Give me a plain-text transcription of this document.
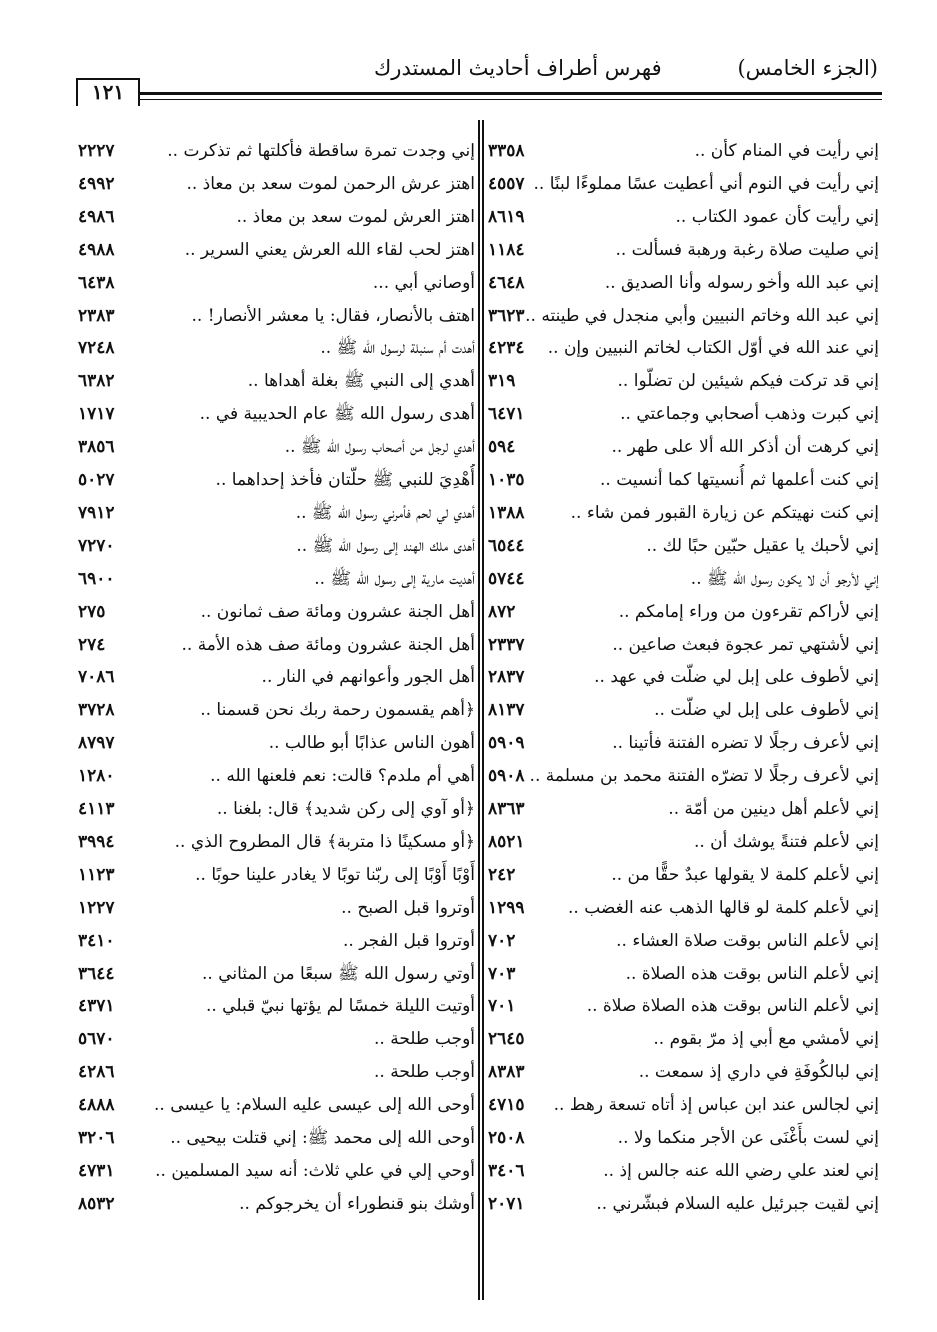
(الجزء الخامس)
فهرس أطراف أحاديث المستدرك
١٢١
إني رأيت في المنام كأن ..
٣٣٥٨
إني وجدت تمرة ساقطة فأكلتها ثم تذكرت ..
٢٢٢٧
إني رأيت في النوم أني أعطيت عسًا مملوءًا لبنًا ..
٤٥٥٧
اهتز عرش الرحمن لموت سعد بن معاذ ..
٤٩٩٢
إني رأيت كأن عمود الكتاب ..
٨٦١٩
اهتز العرش لموت سعد بن معاذ ..
٤٩٨٦
إني صليت صلاة رغبة ورهبة فسألت ..
١١٨٤
اهتز لحب لقاء الله العرش يعني السرير ..
٤٩٨٨
إني عبد الله وأخو رسوله وأنا الصديق ..
٤٦٤٨
أوصاني أبي ...
٦٤٣٨
إني عبد الله وخاتم النبيين وأبي منجدل في طينته ..
٣٦٢٣
اهتف بالأنصار، فقال: يا معشر الأنصار! ..
٢٣٨٣
إني عند الله في أوّل الكتاب لخاتم النبيين وإن ..
٤٢٣٤
أهدت أم سنبلة لرسول الله ﷺ ..
٧٢٤٨
إني قد تركت فيكم شيئين لن تضلّوا ..
٣١٩
أهدي إلى النبي ﷺ بغلة أهداها ..
٦٣٨٢
إني كبرت وذهب أصحابي وجماعتي ..
٦٤٧١
أهدى رسول الله ﷺ عام الحديبية في ..
١٧١٧
إني كرهت أن أذكر الله ألا على طهر ..
٥٩٤
أهدي لرجل من أصحاب رسول الله ﷺ ..
٣٨٥٦
إني كنت أعلمها ثم أُنسيتها كما أنسيت ..
١٠٣٥
أُهْدِيَ للنبي ﷺ حلّتان فأخذ إحداهما ..
٥٠٢٧
إني كنت نهيتكم عن زيارة القبور فمن شاء ..
١٣٨٨
أهدي لي لحم فأمرني رسول الله ﷺ ..
٧٩١٢
إني لأحبك يا عقيل حبّين حبًا لك ..
٦٥٤٤
أهدى ملك الهند إلى رسول الله ﷺ ..
٧٢٧٠
إني لأرجو أن لا يكون رسول الله ﷺ ..
٥٧٤٤
أهديت مارية إلى رسول الله ﷺ ..
٦٩٠٠
إني لأراكم تقرءون من وراء إمامكم ..
٨٧٢
أهل الجنة عشرون ومائة صف ثمانون ..
٢٧٥
إني لأشتهي تمر عجوة فبعث صاعين ..
٢٣٣٧
أهل الجنة عشرون ومائة صف هذه الأمة ..
٢٧٤
إني لأطوف على إبل لي ضلّت في عهد ..
٢٨٣٧
أهل الجور وأعوانهم في النار ..
٧٠٨٦
إني لأطوف على إبل لي ضلّت ..
٨١٣٧
﴿أهم يقسمون رحمة ربك نحن قسمنا ..
٣٧٢٨
إني لأعرف رجلًا لا تضره الفتنة فأتينا ..
٥٩٠٩
أهون الناس عذابًا أبو طالب ..
٨٧٩٧
إني لأعرف رجلًا لا تضرّه الفتنة محمد بن مسلمة ..
٥٩٠٨
أهي أم ملدم؟ قالت: نعم فلعنها الله ..
١٢٨٠
إني لأعلم أهل دينين من أمّة ..
٨٣٦٣
﴿أو آوي إلى ركن شديد﴾ قال: بلغنا ..
٤١١٣
إني لأعلم فتنةً يوشك أن ..
٨٥٢١
﴿أو مسكينًا ذا متربة﴾ قال المطروح الذي ..
٣٩٩٤
إني لأعلم كلمة لا يقولها عبدٌ حقًّا من ..
٢٤٢
أَوْبًا أَوْبًا إلى ربّنا توبًا لا يغادر علينا حوبًا ..
١١٢٣
إني لأعلم كلمة لو قالها الذهب عنه الغضب ..
١٢٩٩
أوتروا قبل الصبح ..
١٢٢٧
إني لأعلم الناس بوقت صلاة العشاء ..
٧٠٢
أوتروا قبل الفجر ..
٣٤١٠
إني لأعلم الناس بوقت هذه الصلاة ..
٧٠٣
أوتي رسول الله ﷺ سبعًا من المثاني ..
٣٦٤٤
إني لأعلم الناس بوقت هذه الصلاة صلاة ..
٧٠١
أوتيت الليلة خمسًا لم يؤتها نبيّ قبلي ..
٤٣٧١
إني لأمشي مع أبي إذ مرّ بقوم ..
٢٦٤٥
أوجب طلحة ..
٥٦٧٠
إني لبالكُوفَةِ في داري إذ سمعت ..
٨٣٨٣
أوجب طلحة ..
٤٢٨٦
إني لجالس عند ابن عباس إذ أتاه تسعة رهط ..
٤٧١٥
أوحى الله إلى عيسى عليه السلام: يا عيسى ..
٤٨٨٨
إني لست بأَغْنَى عن الأجر منكما ولا ..
٢٥٠٨
أوحى الله إلى محمد ﷺ: إني قتلت بيحيى ..
٣٢٠٦
إني لعند علي رضي الله عنه جالس إذ ..
٣٤٠٦
أوحي إلي في علي ثلاث: أنه سيد المسلمين ..
٤٧٣١
إني لقيت جبرئيل عليه السلام فبشّرني ..
٢٠٧١
أوشك بنو قنطوراء أن يخرجوكم ..
٨٥٣٢
